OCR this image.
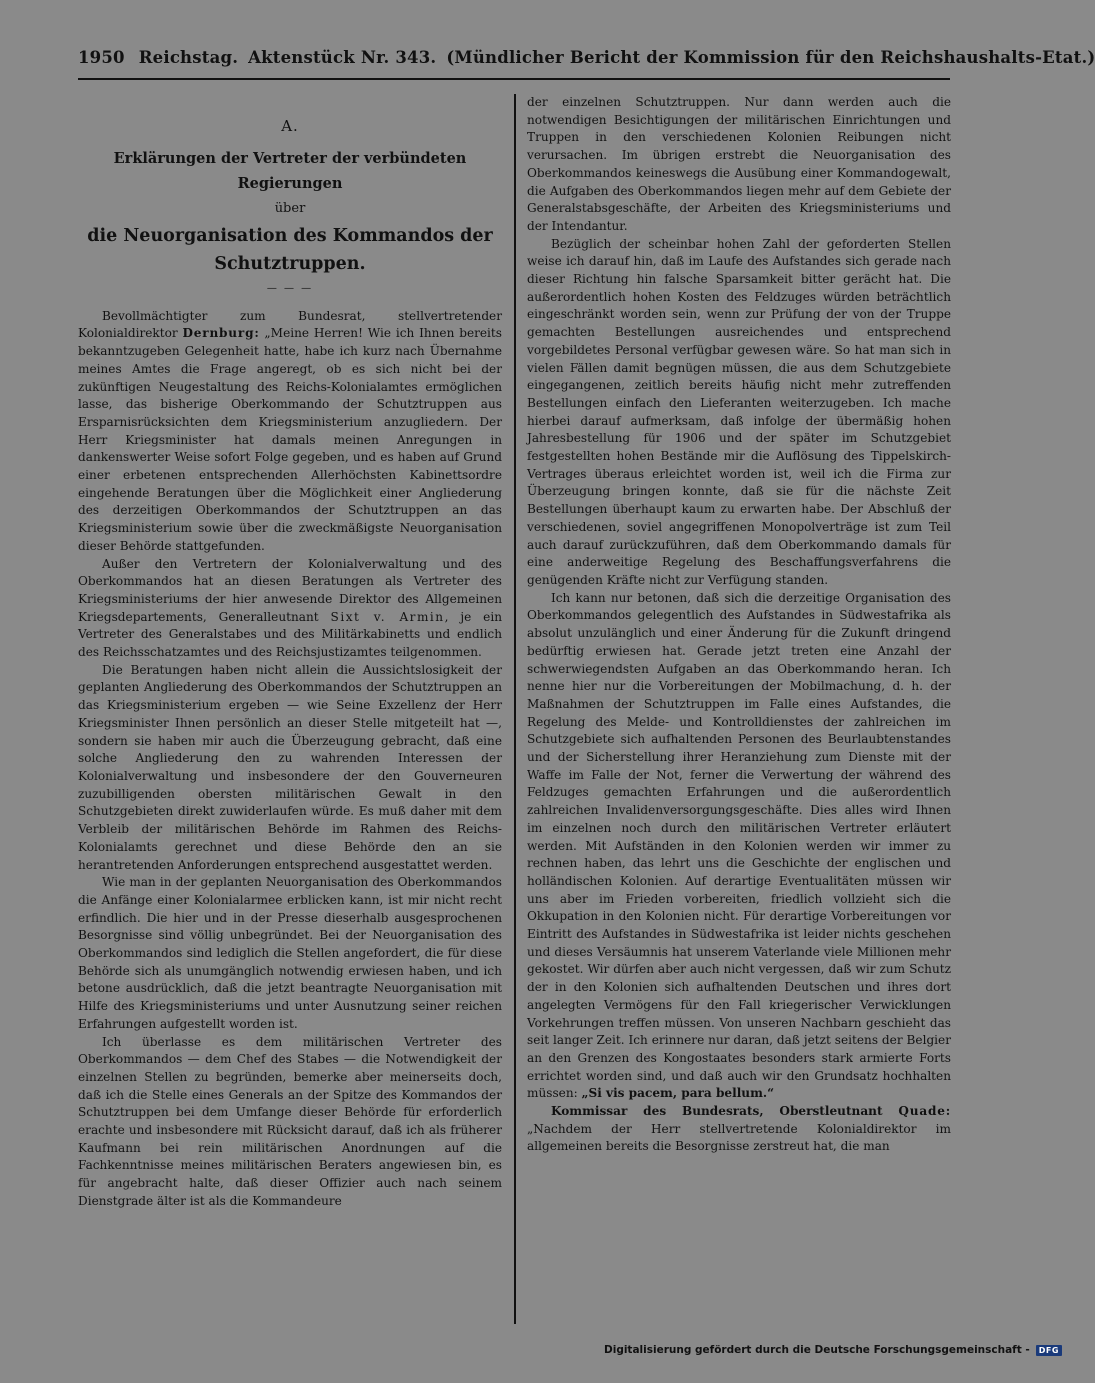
1950 Reichstag. Aktenstück Nr. 343. (Mündlicher Bericht der Kommission für den Reichshaushalts-Etat.)
A.
Erklärungen der Vertreter der verbündeten
Regierungen
über
die Neuorganisation des Kommandos der
Schutztruppen.
— — —

Bevollmächtigter zum Bundesrat, stellvertretender Kolonialdirektor Dernburg: „Meine Herren! Wie ich Ihnen bereits bekanntzugeben Gelegenheit hatte, habe ich kurz nach Übernahme meines Amtes die Frage angeregt, ob es sich nicht bei der zukünftigen Neugestaltung des Reichs-Kolonialamtes ermöglichen lasse, das bisherige Oberkommando der Schutztruppen aus Ersparnisrücksichten dem Kriegsministerium anzugliedern. Der Herr Kriegsminister hat damals meinen Anregungen in dankenswerter Weise sofort Folge gegeben, und es haben auf Grund einer erbetenen entsprechenden Allerhöchsten Kabinettsordre eingehende Beratungen über die Möglichkeit einer Angliederung des derzeitigen Oberkommandos der Schutztruppen an das Kriegsministerium sowie über die zweckmäßigste Neuorganisation dieser Behörde stattgefunden.

Außer den Vertretern der Kolonialverwaltung und des Oberkommandos hat an diesen Beratungen als Vertreter des Kriegsministeriums der hier anwesende Direktor des Allgemeinen Kriegsdepartements, Generalleutnant Sixt v. Armin, je ein Vertreter des Generalstabes und des Militärkabinetts und endlich des Reichsschatzamtes und des Reichsjustizamtes teilgenommen.

Die Beratungen haben nicht allein die Aussichtslosigkeit der geplanten Angliederung des Oberkommandos der Schutztruppen an das Kriegsministerium ergeben — wie Seine Exzellenz der Herr Kriegsminister Ihnen persönlich an dieser Stelle mitgeteilt hat —, sondern sie haben mir auch die Überzeugung gebracht, daß eine solche Angliederung den zu wahrenden Interessen der Kolonialverwaltung und insbesondere der den Gouverneuren zuzubilligenden obersten militärischen Gewalt in den Schutzgebieten direkt zuwiderlaufen würde. Es muß daher mit dem Verbleib der militärischen Behörde im Rahmen des Reichs-Kolonialamts gerechnet und diese Behörde den an sie herantretenden Anforderungen entsprechend ausgestattet werden.

Wie man in der geplanten Neuorganisation des Oberkommandos die Anfänge einer Kolonialarmee erblicken kann, ist mir nicht recht erfindlich. Die hier und in der Presse dieserhalb ausgesprochenen Besorgnisse sind völlig unbegründet. Bei der Neuorganisation des Oberkommandos sind lediglich die Stellen angefordert, die für diese Behörde sich als unumgänglich notwendig erwiesen haben, und ich betone ausdrücklich, daß die jetzt beantragte Neuorganisation mit Hilfe des Kriegsministeriums und unter Ausnutzung seiner reichen Erfahrungen aufgestellt worden ist.

Ich überlasse es dem militärischen Vertreter des Oberkommandos — dem Chef des Stabes — die Notwendigkeit der einzelnen Stellen zu begründen, bemerke aber meinerseits doch, daß ich die Stelle eines Generals an der Spitze des Kommandos der Schutztruppen bei dem Umfange dieser Behörde für erforderlich erachte und insbesondere mit Rücksicht darauf, daß ich als früherer Kaufmann bei rein militärischen Anordnungen auf die Fachkenntnisse meines militärischen Beraters angewiesen bin, es für angebracht halte, daß dieser Offizier auch nach seinem Dienstgrade älter ist als die Kommandeure

der einzelnen Schutztruppen. Nur dann werden auch die notwendigen Besichtigungen der militärischen Einrichtungen und Truppen in den verschiedenen Kolonien Reibungen nicht verursachen. Im übrigen erstrebt die Neuorganisation des Oberkommandos keineswegs die Ausübung einer Kommandogewalt, die Aufgaben des Oberkommandos liegen mehr auf dem Gebiete der Generalstabsgeschäfte, der Arbeiten des Kriegsministeriums und der Intendantur.

Bezüglich der scheinbar hohen Zahl der geforderten Stellen weise ich darauf hin, daß im Laufe des Aufstandes sich gerade nach dieser Richtung hin falsche Sparsamkeit bitter gerächt hat. Die außerordentlich hohen Kosten des Feldzuges würden beträchtlich eingeschränkt worden sein, wenn zur Prüfung der von der Truppe gemachten Bestellungen ausreichendes und entsprechend vorgebildetes Personal verfügbar gewesen wäre. So hat man sich in vielen Fällen damit begnügen müssen, die aus dem Schutzgebiete eingegangenen, zeitlich bereits häufig nicht mehr zutreffenden Bestellungen einfach den Lieferanten weiterzugeben. Ich mache hierbei darauf aufmerksam, daß infolge der übermäßig hohen Jahresbestellung für 1906 und der später im Schutzgebiet festgestellten hohen Bestände mir die Auflösung des Tippelskirch-Vertrages überaus erleichtet worden ist, weil ich die Firma zur Überzeugung bringen konnte, daß sie für die nächste Zeit Bestellungen überhaupt kaum zu erwarten habe. Der Abschluß der verschiedenen, soviel angegriffenen Monopolverträge ist zum Teil auch darauf zurückzuführen, daß dem Oberkommando damals für eine anderweitige Regelung des Beschaffungsverfahrens die genügenden Kräfte nicht zur Verfügung standen.

Ich kann nur betonen, daß sich die derzeitige Organisation des Oberkommandos gelegentlich des Aufstandes in Südwestafrika als absolut unzulänglich und einer Änderung für die Zukunft dringend bedürftig erwiesen hat. Gerade jetzt treten eine Anzahl der schwerwiegendsten Aufgaben an das Oberkommando heran. Ich nenne hier nur die Vorbereitungen der Mobilmachung, d. h. der Maßnahmen der Schutztruppen im Falle eines Aufstandes, die Regelung des Melde- und Kontrolldienstes der zahlreichen im Schutzgebiete sich aufhaltenden Personen des Beurlaubtenstandes und der Sicherstellung ihrer Heranziehung zum Dienste mit der Waffe im Falle der Not, ferner die Verwertung der während des Feldzuges gemachten Erfahrungen und die außerordentlich zahlreichen Invalidenversorgungsgeschäfte. Dies alles wird Ihnen im einzelnen noch durch den militärischen Vertreter erläutert werden. Mit Aufständen in den Kolonien werden wir immer zu rechnen haben, das lehrt uns die Geschichte der englischen und holländischen Kolonien. Auf derartige Eventualitäten müssen wir uns aber im Frieden vorbereiten, friedlich vollzieht sich die Okkupation in den Kolonien nicht. Für derartige Vorbereitungen vor Eintritt des Aufstandes in Südwestafrika ist leider nichts geschehen und dieses Versäumnis hat unserem Vaterlande viele Millionen mehr gekostet. Wir dürfen aber auch nicht vergessen, daß wir zum Schutz der in den Kolonien sich aufhaltenden Deutschen und ihres dort angelegten Vermögens für den Fall kriegerischer Verwicklungen Vorkehrungen treffen müssen. Von unseren Nachbarn geschieht das seit langer Zeit. Ich erinnere nur daran, daß jetzt seitens der Belgier an den Grenzen des Kongostaates besonders stark armierte Forts errichtet worden sind, und daß auch wir den Grundsatz hochhalten müssen: „Si vis pacem, para bellum.“

Kommissar des Bundesrats, Oberstleutnant Quade: „Nachdem der Herr stellvertretende Kolonialdirektor im allgemeinen bereits die Besorgnisse zerstreut hat, die man

Digitalisierung gefördert durch die Deutsche Forschungsgemeinschaft -	DFG
